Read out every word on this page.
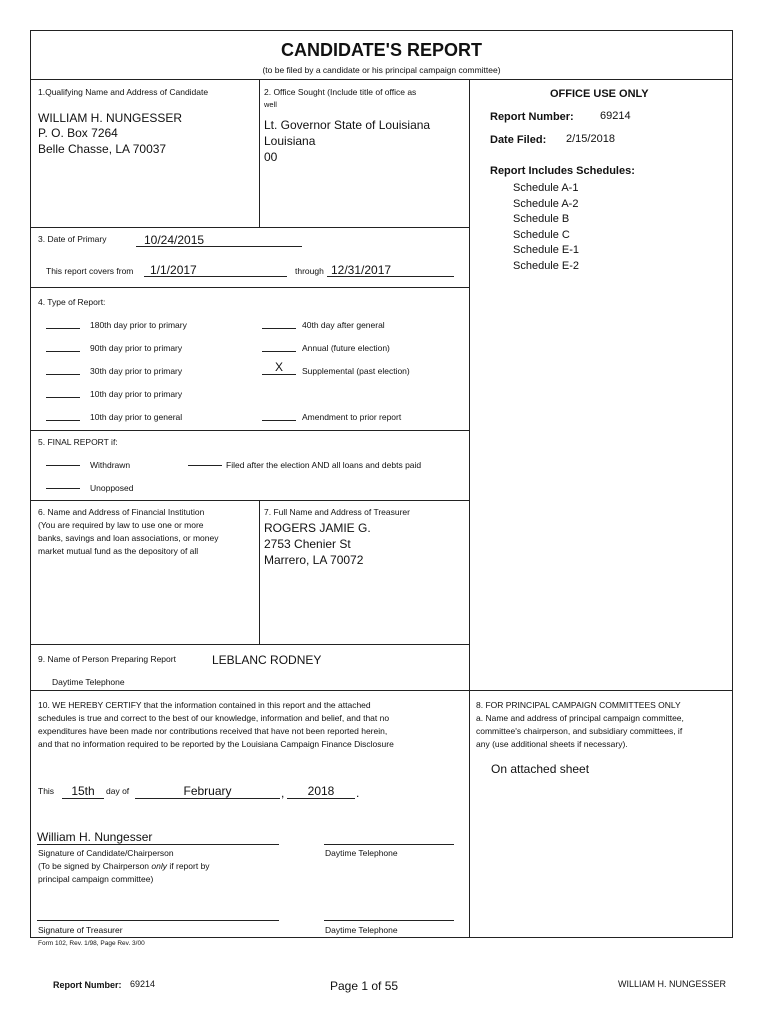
CANDIDATE'S REPORT
(to be filed by a candidate or his principal campaign committee)
1.Qualifying Name and Address of Candidate
WILLIAM H. NUNGESSER
P. O. Box 7264
Belle Chasse, LA 70037
2. Office Sought (Include title of office as
well
Lt. Governor State of Louisiana
Louisiana
00
OFFICE USE ONLY
Report Number: 69214
Date Filed: 2/15/2018
Report Includes Schedules:
Schedule A-1
Schedule A-2
Schedule B
Schedule C
Schedule E-1
Schedule E-2
3. Date of Primary	10/24/2015
This report covers from	1/1/2017	through 12/31/2017
4. Type of Report:
180th day prior to primary
90th day prior to primary
30th day prior to primary
10th day prior to primary
10th day prior to general
40th day after general
Annual (future election)
X	Supplemental (past election)
Amendment to prior report
5. FINAL REPORT if:
Withdrawn	Filed after the election AND all loans and debts paid
Unopposed
6. Name and Address of Financial Institution
(You are required by law to use one or more
banks, savings and loan associations, or money
market mutual fund as the depository of all
7. Full Name and Address of Treasurer
ROGERS JAMIE G.
2753 Chenier St
Marrero, LA 70072
9. Name of Person Preparing Report	LEBLANC RODNEY
Daytime Telephone
10. WE HEREBY CERTIFY that the information contained in this report and the attached
schedules is true and correct to the best of our knowledge, information and belief, and that no
expenditures have been made nor contributions received that have not been reported herein,
and that no information required to be reported by the Louisiana Campaign Finance Disclosure
This	15th	day of	February	,	2018	.
William H. Nungesser
Signature of Candidate/Chairperson
(To be signed by Chairperson only if report by
principal campaign committee)
Daytime Telephone
Signature of Treasurer	Daytime Telephone
8. FOR PRINCIPAL CAMPAIGN COMMITTEES ONLY
a. Name and address of principal campaign committee,
committee's chairperson, and subsidiary committees, if
any (use additional sheets if necessary).
On attached sheet
Form 102, Rev. 1/98, Page Rev. 3/00
Report Number: 69214	Page 1 of 55	WILLIAM H. NUNGESSER
